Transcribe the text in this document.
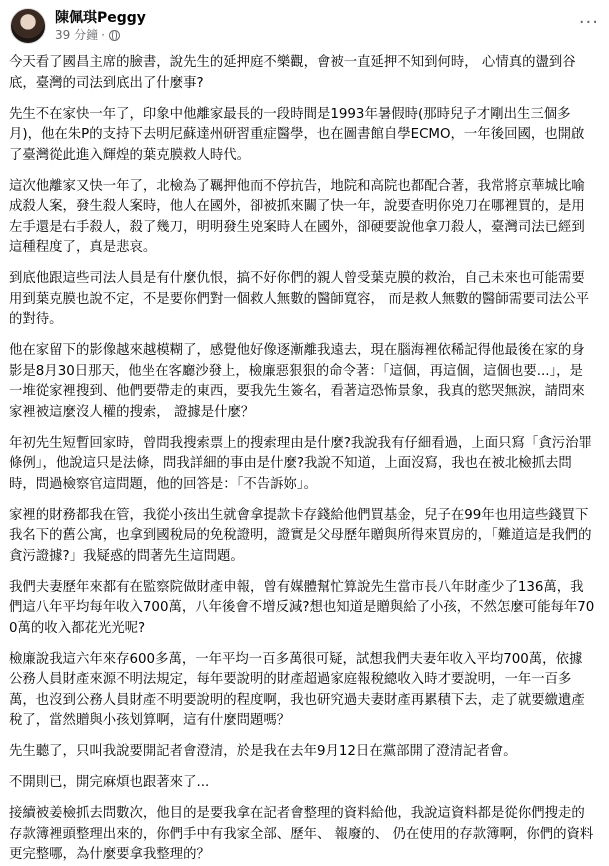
陳佩琪Peggy
39 分鐘 ·
···

今天看了國昌主席的臉書，說先生的延押庭不樂觀，會被一直延押不知到何時， 心情真的盪到谷底，臺灣的司法到底出了什麼事?

先生不在家快一年了，印象中他離家最長的一段時間是1993年暑假時(那時兒子才剛出生三個多月)，他在朱P的支持下去明尼蘇達州研習重症醫學，也在圖書館自學ECMO，一年後回國，也開啟了臺灣從此進入輝煌的葉克膜救人時代。

這次他離家又快一年了，北檢為了羈押他而不停抗告，地院和高院也都配合著，我常將京華城比喻成殺人案，發生殺人案時，他人在國外，卻被抓來關了快一年，說要查明你兇刀在哪裡買的，是用左手還是右手殺人，殺了幾刀，明明發生兇案時人在國外，卻硬要說他拿刀殺人，臺灣司法已經到這種程度了，真是悲哀。

到底他跟這些司法人員是有什麼仇恨，搞不好你們的親人曾受葉克膜的救治，自己未來也可能需要用到葉克膜也說不定，不是要你們對一個救人無數的醫師寬容， 而是救人無數的醫師需要司法公平的對待。

他在家留下的影像越來越模糊了，感覺他好像逐漸離我遠去，現在腦海裡依稀記得他最後在家的身影是8月30日那天，他坐在客廳沙發上，檢廉惡狠狠的命令著：「這個，再這個，這個也要...」，是一堆從家裡搜到、他們要帶走的東西，要我先生簽名，看著這恐怖景象，我真的慾哭無淚，請問來家裡被這麼沒人權的搜索， 證據是什麼？

年初先生短暫回家時，曾問我搜索票上的搜索理由是什麼?我說我有仔細看過，上面只寫「貪污治罪條例」，他說這只是法條，問我詳細的事由是什麼?我說不知道，上面沒寫，我也在被北檢抓去問時，問過檢察官這問題，他的回答是：「不告訴妳」。

家裡的財務都我在管，我從小孩出生就會拿提款卡存錢給他們買基金，兒子在99年也用這些錢買下我名下的舊公寓，也拿到國稅局的免稅證明，證實是父母歷年贈與所得來買房的，「難道這是我們的貪污證據?」我疑惑的問著先生這問題。

我們夫妻歷年來都有在監察院做財產申報，曾有媒體幫忙算說先生當市長八年財產少了136萬，我們這八年平均每年收入700萬，八年後會不增反減?想也知道是贈與給了小孩，不然怎麼可能每年700萬的收入都花光光呢?

檢廉說我這六年來存600多萬，一年平均一百多萬很可疑，試想我們夫妻年收入平均700萬，依據公務人員財產來源不明法規定，每年要說明的財產超過家庭報稅總收入時才要說明，一年一百多萬，也沒到公務人員財產不明要說明的程度啊，我也研究過夫妻財產再累積下去，走了就要繳遺產稅了，當然贈與小孩划算啊，這有什麼問題嗎？

先生聽了，只叫我說要開記者會澄清，於是我在去年9月12日在黨部開了澄清記者會。

不開則已，開完麻煩也跟著來了...

接續被姜檢抓去問數次，他目的是要我拿在記者會整理的資料給他，我說這資料都是從你們搜走的存款簿裡頭整理出來的，你們手中有我家全部、歷年、 報廢的、 仍在使用的存款簿啊，你們的資料更完整哪，為什麼要拿我整理的？
